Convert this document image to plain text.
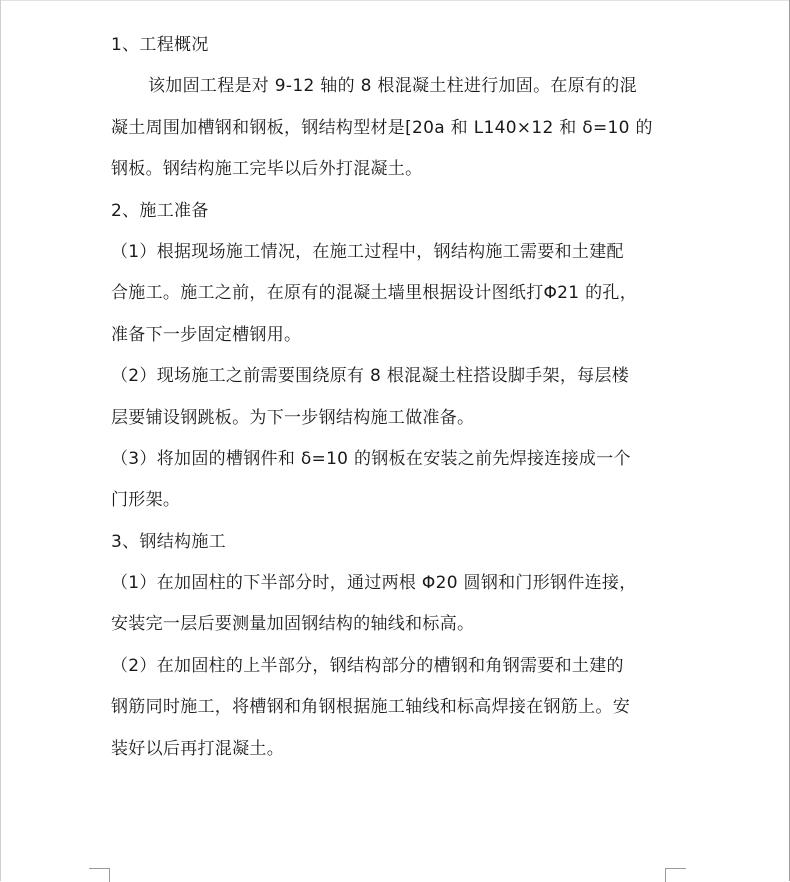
1、工程概况

该加固工程是对 9-12 轴的 8 根混凝土柱进行加固。在原有的混

凝土周围加槽钢和钢板，钢结构型材是[20a 和 L140×12 和 δ=10 的

钢板。钢结构施工完毕以后外打混凝土。

2、施工准备

（1）根据现场施工情况，在施工过程中，钢结构施工需要和土建配

合施工。施工之前，在原有的混凝土墙里根据设计图纸打Φ21 的孔，

准备下一步固定槽钢用。

（2）现场施工之前需要围绕原有 8 根混凝土柱搭设脚手架，每层楼

层要铺设钢跳板。为下一步钢结构施工做准备。

（3）将加固的槽钢件和 δ=10 的钢板在安装之前先焊接连接成一个

门形架。

3、钢结构施工

（1）在加固柱的下半部分时，通过两根 Φ20 圆钢和门形钢件连接，

安装完一层后要测量加固钢结构的轴线和标高。

（2）在加固柱的上半部分，钢结构部分的槽钢和角钢需要和土建的

钢筋同时施工，将槽钢和角钢根据施工轴线和标高焊接在钢筋上。安

装好以后再打混凝土。
